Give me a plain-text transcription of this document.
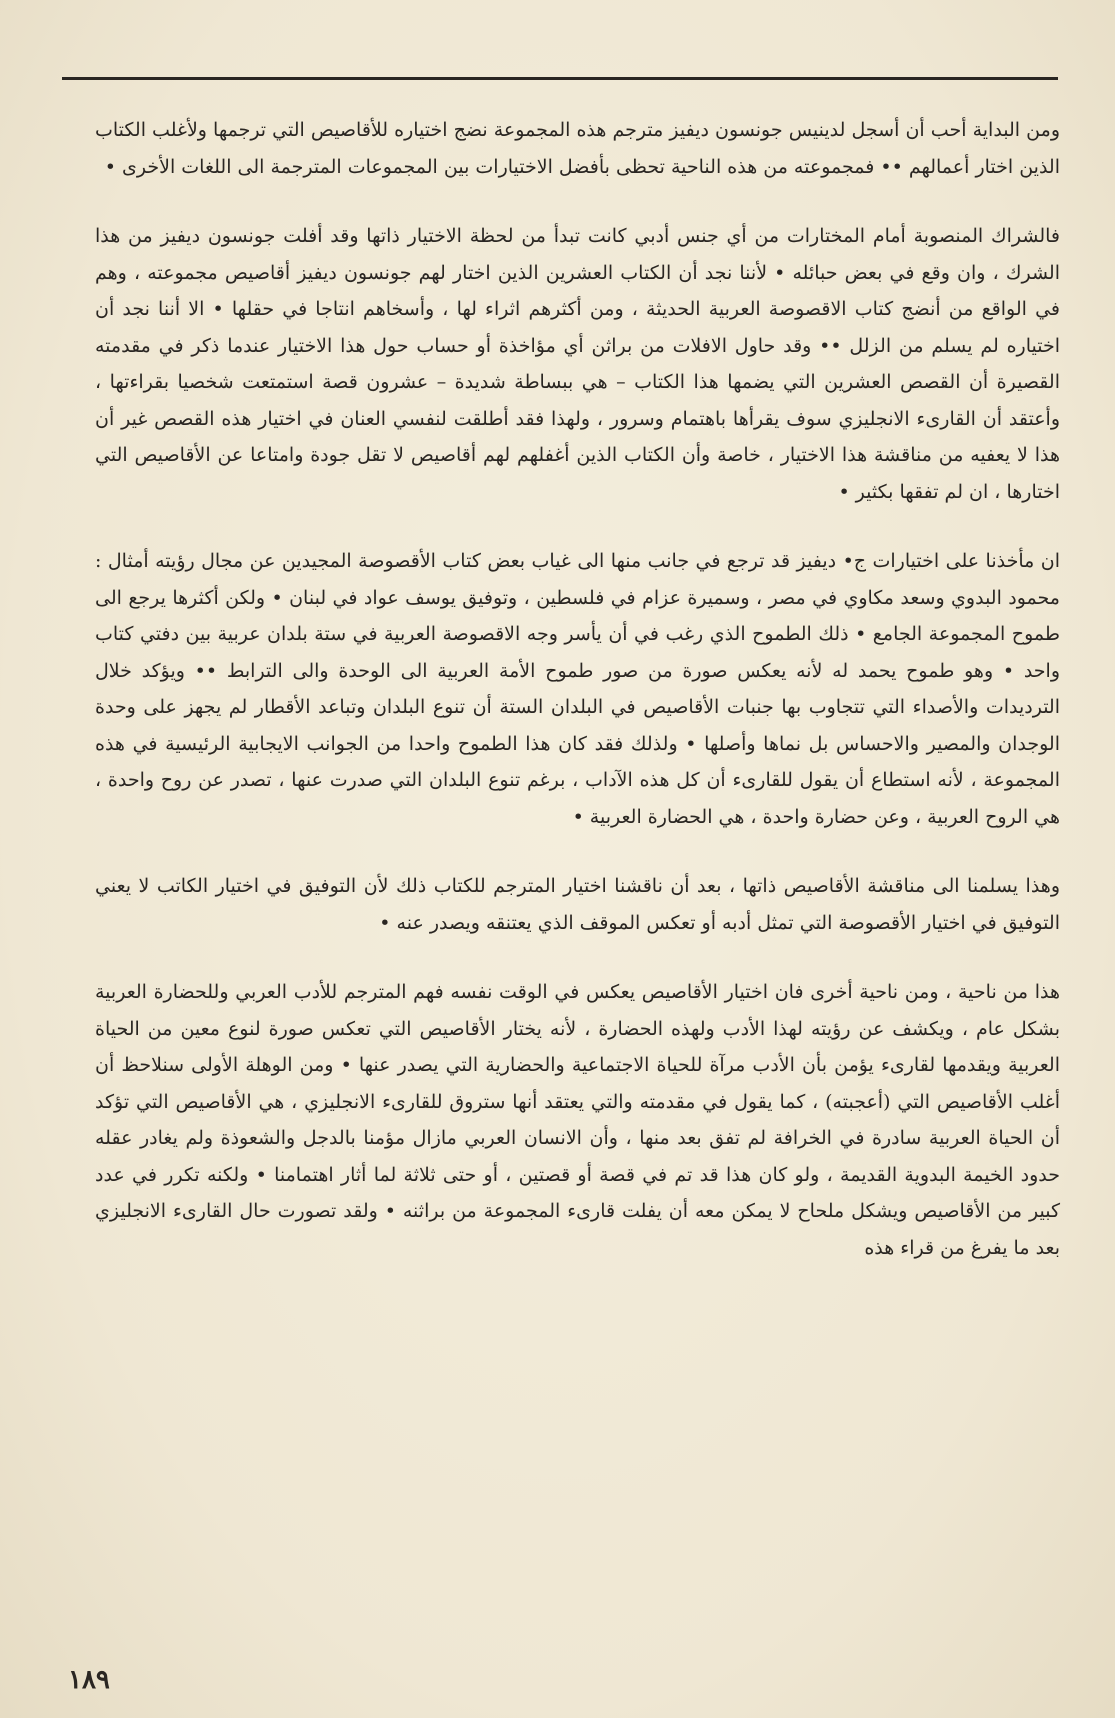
ومن البداية أحب أن أسجل لدينيس جونسون ديفيز مترجم هذه المجموعة نضج اختياره للأقاصيص التي ترجمها ولأغلب الكتاب الذين اختار أعمالهم •• فمجموعته من هذه الناحية تحظى بأفضل الاختيارات بين المجموعات المترجمة الى اللغات الأخرى •

فالشراك المنصوبة أمام المختارات من أي جنس أدبي كانت تبدأ من لحظة الاختيار ذاتها وقد أفلت جونسون ديفيز من هذا الشرك ، وان وقع في بعض حبائله • لأننا نجد أن الكتاب العشرين الذين اختار لهم جونسون ديفيز أقاصيص مجموعته ، وهم في الواقع من أنضج كتاب الاقصوصة العربية الحديثة ، ومن أكثرهم اثراء لها ، وأسخاهم انتاجا في حقلها • الا أننا نجد أن اختياره لم يسلم من الزلل •• وقد حاول الافلات من براثن أي مؤاخذة أو حساب حول هذا الاختيار عندما ذكر في مقدمته القصيرة أن القصص العشرين التي يضمها هذا الكتاب – هي ببساطة شديدة – عشرون قصة استمتعت شخصيا بقراءتها ، وأعتقد أن القارىء الانجليزي سوف يقرأها باهتمام وسرور ، ولهذا فقد أطلقت لنفسي العنان في اختيار هذه القصص غير أن هذا لا يعفيه من مناقشة هذا الاختيار ، خاصة وأن الكتاب الذين أغفلهم لهم أقاصيص لا تقل جودة وامتاعا عن الأقاصيص التي اختارها ، ان لم تفقها بكثير •

ان مأخذنا على اختيارات ج• ديفيز قد ترجع في جانب منها الى غياب بعض كتاب الأقصوصة المجيدين عن مجال رؤيته أمثال : محمود البدوي وسعد مكاوي في مصر ، وسميرة عزام في فلسطين ، وتوفيق يوسف عواد في لبنان • ولكن أكثرها يرجع الى طموح المجموعة الجامع • ذلك الطموح الذي رغب في أن يأسر وجه الاقصوصة العربية في ستة بلدان عربية بين دفتي كتاب واحد • وهو طموح يحمد له لأنه يعكس صورة من صور طموح الأمة العربية الى الوحدة والى الترابط •• ويؤكد خلال الترديدات والأصداء التي تتجاوب بها جنبات الأقاصيص في البلدان الستة أن تنوع البلدان وتباعد الأقطار لم يجهز على وحدة الوجدان والمصير والاحساس بل نماها وأصلها • ولذلك فقد كان هذا الطموح واحدا من الجوانب الايجابية الرئيسية في هذه المجموعة ، لأنه استطاع أن يقول للقارىء أن كل هذه الآداب ، برغم تنوع البلدان التي صدرت عنها ، تصدر عن روح واحدة ، هي الروح العربية ، وعن حضارة واحدة ، هي الحضارة العربية •

وهذا يسلمنا الى مناقشة الأقاصيص ذاتها ، بعد أن ناقشنا اختيار المترجم للكتاب ذلك لأن التوفيق في اختيار الكاتب لا يعني التوفيق في اختيار الأقصوصة التي تمثل أدبه أو تعكس الموقف الذي يعتنقه ويصدر عنه •

هذا من ناحية ، ومن ناحية أخرى فان اختيار الأقاصيص يعكس في الوقت نفسه فهم المترجم للأدب العربي وللحضارة العربية بشكل عام ، ويكشف عن رؤيته لهذا الأدب ولهذه الحضارة ، لأنه يختار الأقاصيص التي تعكس صورة لنوع معين من الحياة العربية ويقدمها لقارىء يؤمن بأن الأدب مرآة للحياة الاجتماعية والحضارية التي يصدر عنها • ومن الوهلة الأولى سنلاحظ أن أغلب الأقاصيص التي (أعجبته) ، كما يقول في مقدمته والتي يعتقد أنها ستروق للقارىء الانجليزي ، هي الأقاصيص التي تؤكد أن الحياة العربية سادرة في الخرافة لم تفق بعد منها ، وأن الانسان العربي مازال مؤمنا بالدجل والشعوذة ولم يغادر عقله حدود الخيمة البدوية القديمة ، ولو كان هذا قد تم في قصة أو قصتين ، أو حتى ثلاثة لما أثار اهتمامنا • ولكنه تكرر في عدد كبير من الأقاصيص ويشكل ملحاح لا يمكن معه أن يفلت قارىء المجموعة من براثنه • ولقد تصورت حال القارىء الانجليزي بعد ما يفرغ من قراء هذه

١٨٩
